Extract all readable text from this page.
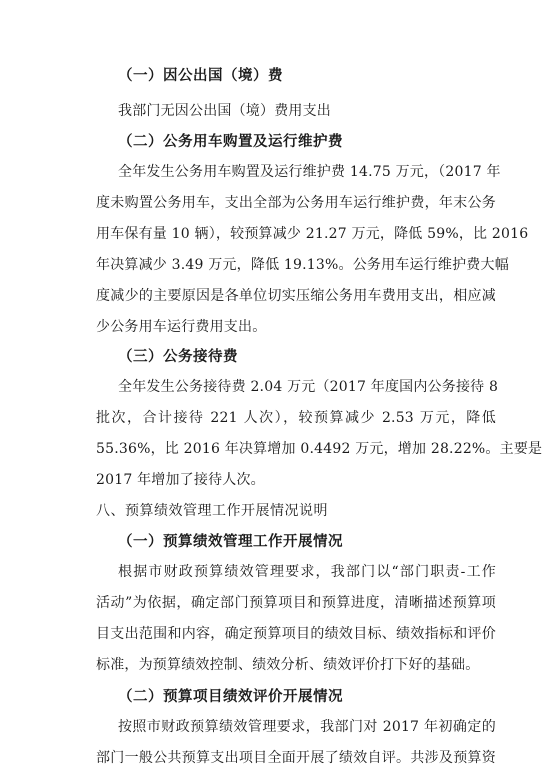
（一）因公出国（境）费
我部门无因公出国（境）费用支出
（二）公务用车购置及运行维护费
全年发生公务用车购置及运行维护费 14.75 万元，（2017 年
度未购置公务用车，支出全部为公务用车运行维护费，年末公务
用车保有量 10 辆），较预算减少 21.27 万元，降低 59%，比 2016
年决算减少 3.49 万元，降低 19.13%。公务用车运行维护费大幅
度减少的主要原因是各单位切实压缩公务用车费用支出，相应减
少公务用车运行费用支出。
（三）公务接待费
全年发生公务接待费 2.04 万元（2017 年度国内公务接待 8
批次，合计接待 221 人次），较预算减少 2.53 万元，降低
55.36%，比 2016 年决算增加 0.4492 万元，增加 28.22%。主要是
2017 年增加了接待人次。
八、预算绩效管理工作开展情况说明
（一）预算绩效管理工作开展情况
根据市财政预算绩效管理要求，我部门以“部门职责-工作
活动”为依据，确定部门预算项目和预算进度，清晰描述预算项
目支出范围和内容，确定预算项目的绩效目标、绩效指标和评价
标准，为预算绩效控制、绩效分析、绩效评价打下好的基础。
（二）预算项目绩效评价开展情况
按照市财政预算绩效管理要求，我部门对 2017 年初确定的
部门一般公共预算支出项目全面开展了绩效自评。共涉及预算资
